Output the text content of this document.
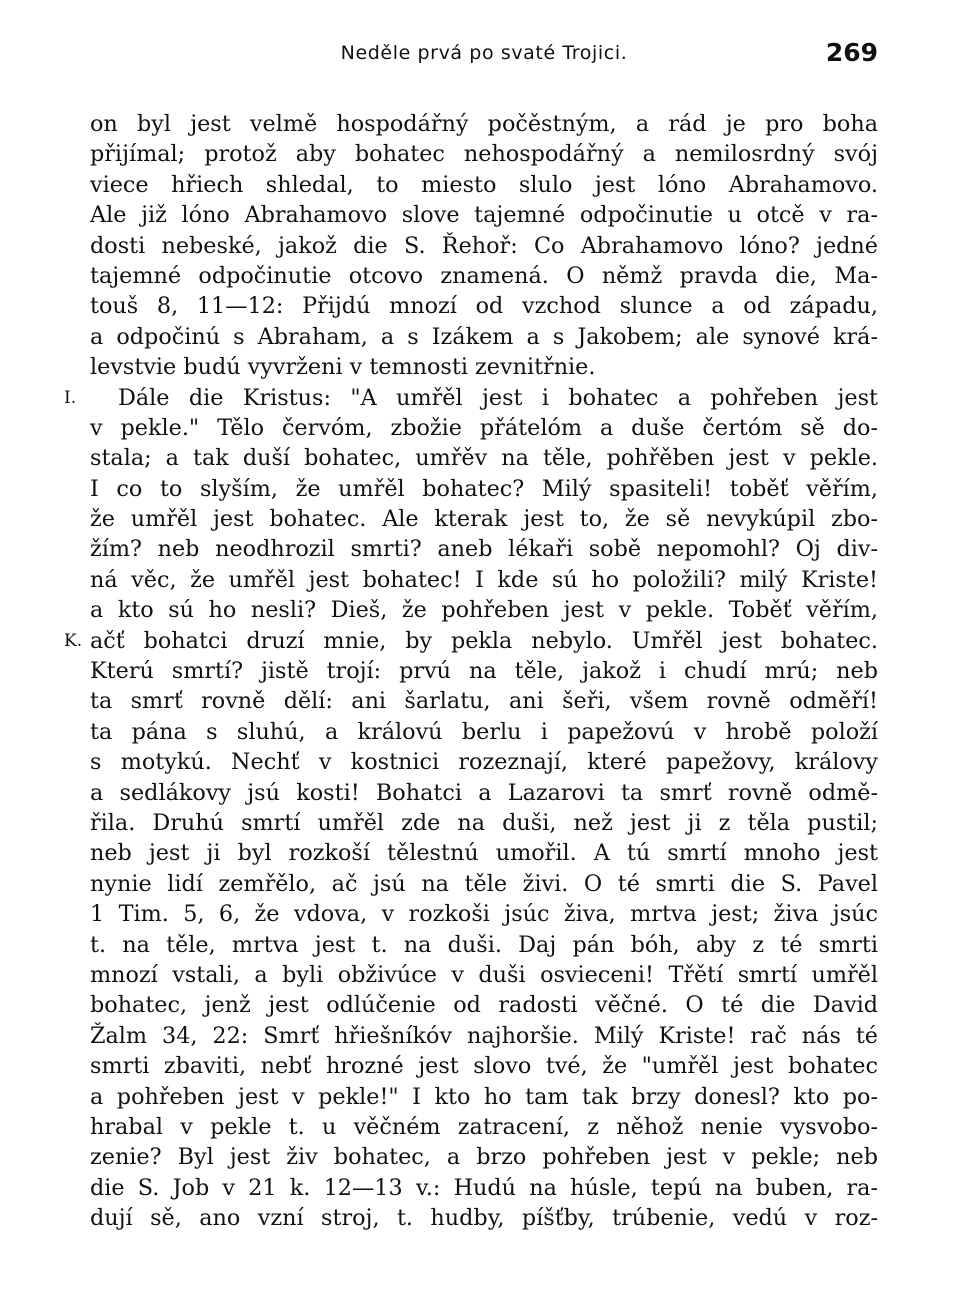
Neděle prvá po svaté Trojici.	269
on byl jest velmě hospodářný počěstným, a rád je pro boha
přijímal; protož aby bohatec nehospodářný a nemilosrdný svój
viece hřiech shledal, to miesto slulo jest lóno Abrahamovo.
Ale již lóno Abrahamovo slove tajemné odpočinutie u otcě v ra-
dosti nebeské, jakož die S. Řehoř: Co Abrahamovo lóno? jedné
tajemné odpočinutie otcovo znamená. O němž pravda die, Ma-
touš 8, 11—12: Přijdú mnozí od vzchod slunce a od západu,
a odpočinú s Abraham, a s Izákem a s Jakobem; ale synové krá-
levstvie budú vyvrženi v temnosti zevnitřnie.
I. Dále die Kristus: "A umřěl jest i bohatec a pohřeben jest
v pekle." Tělo červóm, zbožie přátelóm a duše čertóm sě do-
stala; a tak duší bohatec, umřěv na těle, pohřěben jest v pekle.
I co to slyším, že umřěl bohatec? Milý spasiteli! toběť věřím,
že umřěl jest bohatec. Ale kterak jest to, že sě nevykúpil zbo-
žím? neb neodhrozil smrti? aneb lékaři sobě nepomohl? Oj div-
ná věc, že umřěl jest bohatec! I kde sú ho položili? milý Kriste!
a kto sú ho nesli? Dieš, že pohřeben jest v pekle. Toběť věřím,
K. ačť bohatci druzí mnie, by pekla nebylo. Umřěl jest bohatec.
Kterú smrtí? jistě trojí: prvú na těle, jakož i chudí mrú; neb
ta smrť rovně dělí: ani šarlatu, ani šeři, všem rovně odměří!
ta pána s sluhú, a královú berlu i papežovú v hrobě položí
s motykú. Nechť v kostnici rozeznají, které papežovy, královy
a sedlákovy jsú kosti! Bohatci a Lazarovi ta smrť rovně odmě-
řila. Druhú smrtí umřěl zde na duši, než jest ji z těla pustil;
neb jest ji byl rozkoší tělestnú umořil. A tú smrtí mnoho jest
nynie lidí zemřělo, ač jsú na těle živi. O té smrti die S. Pavel
1 Tim. 5, 6, že vdova, v rozkoši jsúc živa, mrtva jest; živa jsúc
t. na těle, mrtva jest t. na duši. Daj pán bóh, aby z té smrti
mnozí vstali, a byli obživúce v duši osvieceni! Třětí smrtí umřěl
bohatec, jenž jest odlúčenie od radosti věčné. O té die David
Žalm 34, 22: Smrť hřiešníkóv najhoršie. Milý Kriste! rač nás té
smrti zbaviti, nebť hrozné jest slovo tvé, že "umřěl jest bohatec
a pohřeben jest v pekle!" I kto ho tam tak brzy donesl? kto po-
hrabal v pekle t. u věčném zatracení, z něhož nenie vysvobo-
zenie? Byl jest živ bohatec, a brzo pohřeben jest v pekle; neb
die S. Job v 21 k. 12—13 v.: Hudú na húsle, tepú na buben, ra-
dují sě, ano vzní stroj, t. hudby, píšťby, trúbenie, vedú v roz-
